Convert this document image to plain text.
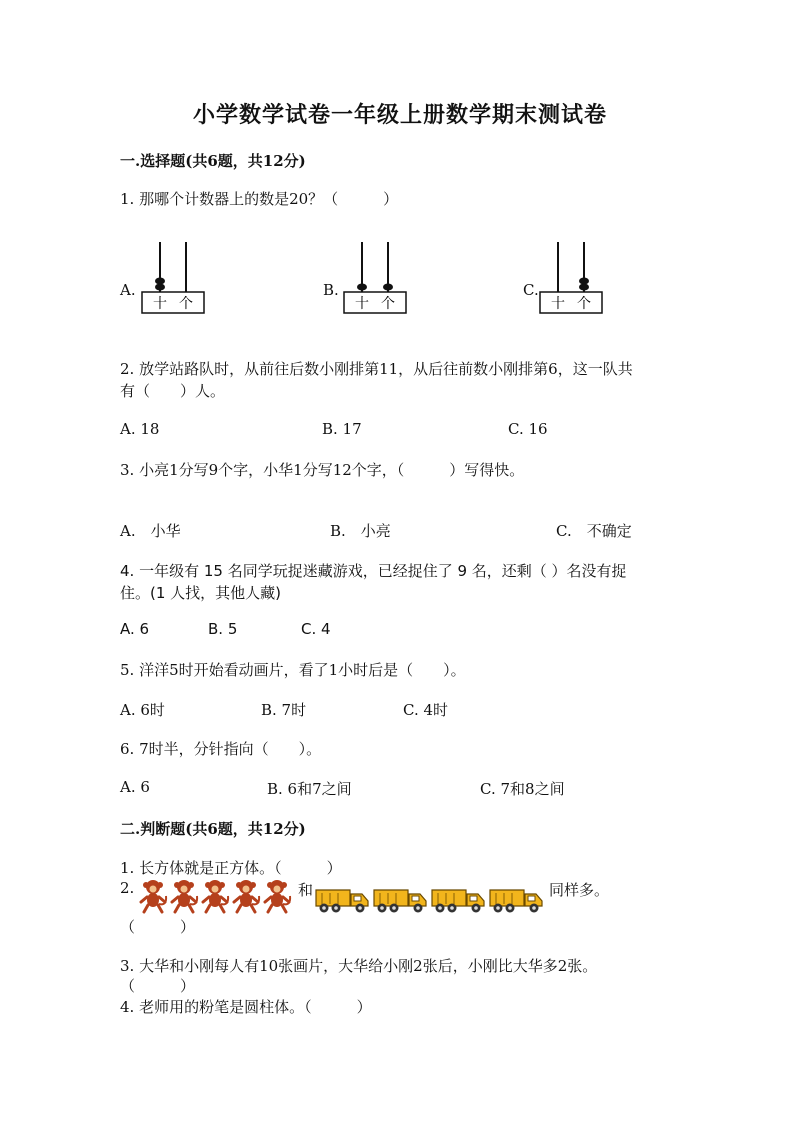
小学数学试卷一年级上册数学期末测试卷
一.选择题(共6题，共12分)
1. 那哪个计数器上的数是20？（　　　）
A.	B.	C.
十 个	十 个	十 个
2. 放学站路队时，从前往后数小刚排第11，从后往前数小刚排第6，这一队共
有（　　）人。
A. 18	B. 17	C. 16
3. 小亮1分写9个字，小华1分写12个字，（　　　）写得快。
A.　小华	B.　小亮	C.　不确定
4. 一年级有 15 名同学玩捉迷藏游戏，已经捉住了 9 名，还剩（ ）名没有捉
住。(1 人找，其他人藏)
A. 6	B. 5	C. 4
5. 洋洋5时开始看动画片，看了1小时后是（　　）。
A. 6时	B. 7时	C. 4时
6. 7时半，分针指向（　　）。
A. 6	B. 6和7之间	C. 7和8之间
二.判断题(共6题，共12分)
1. 长方体就是正方体。（　　　）
2.	和	同样多。
（　　　）
3. 大华和小刚每人有10张画片，大华给小刚2张后，小刚比大华多2张。
（　　　）
4. 老师用的粉笔是圆柱体。（　　　）
